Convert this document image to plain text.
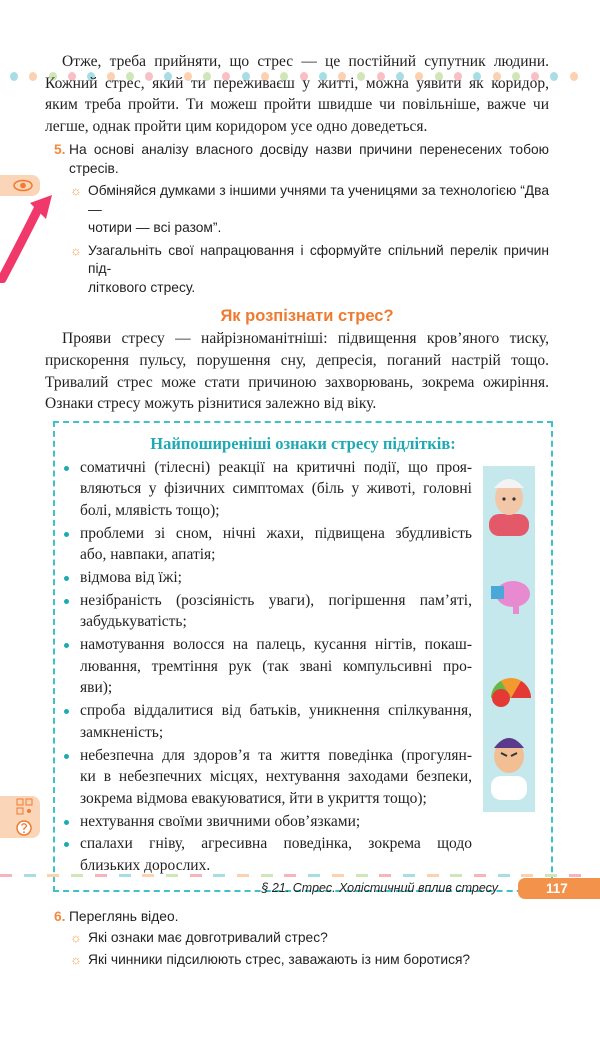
Отже, треба прийняти, що стрес — це постійний супутник людини.
Кожний стрес, який ти переживаєш у житті, можна уявити як коридор,
яким треба пройти. Ти можеш пройти швидше чи повільніше, важче чи
легше, однак пройти цим коридором усе одно доведеться.
5. На основі аналізу власного досвіду назви причини перенесених тобою стресів.
☼ Обміняйся думками з іншими учнями та ученицями за технологією “Два —
чотири — всі разом”.
☼ Узагальніть свої напрацювання і сформуйте спільний перелік причин під-
літкового стресу.
Як розпізнати стрес?
Прояви стресу — найрізноманітніші: підвищення кров’яного тиску,
прискорення пульсу, порушення сну, депресія, поганий настрій тощо.
Тривалий стрес може стати причиною захворювань, зокрема ожиріння.
Ознаки стресу можуть різнитися залежно від віку.
Найпоширеніші ознаки стресу підлітків:
соматичні (тілесні) реакції на критичні події, що проя-
вляються у фізичних симптомах (біль у животі, головні
болі, млявість тощо);
проблеми зі сном, нічні жахи, підвищена збудливість
або, навпаки, апатія;
відмова від їжі;
незібраність (розсіяність уваги), погіршення пам’яті,
забудькуватість;
намотування волосся на палець, кусання нігтів, покаш-
лювання, тремтіння рук (так звані компульсивні про-
яви);
спроба віддалитися від батьків, уникнення спілкування,
замкненість;
небезпечна для здоров’я та життя поведінка (прогулян-
ки в небезпечних місцях, нехтування заходами безпеки,
зокрема відмова евакуюватися, йти в укриття тощо);
нехтування своїми звичними обов’язками;
спалахи гніву, агресивна поведінка, зокрема щодо
близьких дорослих.
6. Переглянь відео.
☼ Які ознаки має довготривалий стрес?
☼ Які чинники підсилюють стрес, заважають із ним боротися?
§ 21. Стрес. Холістичний вплив стресу	117
